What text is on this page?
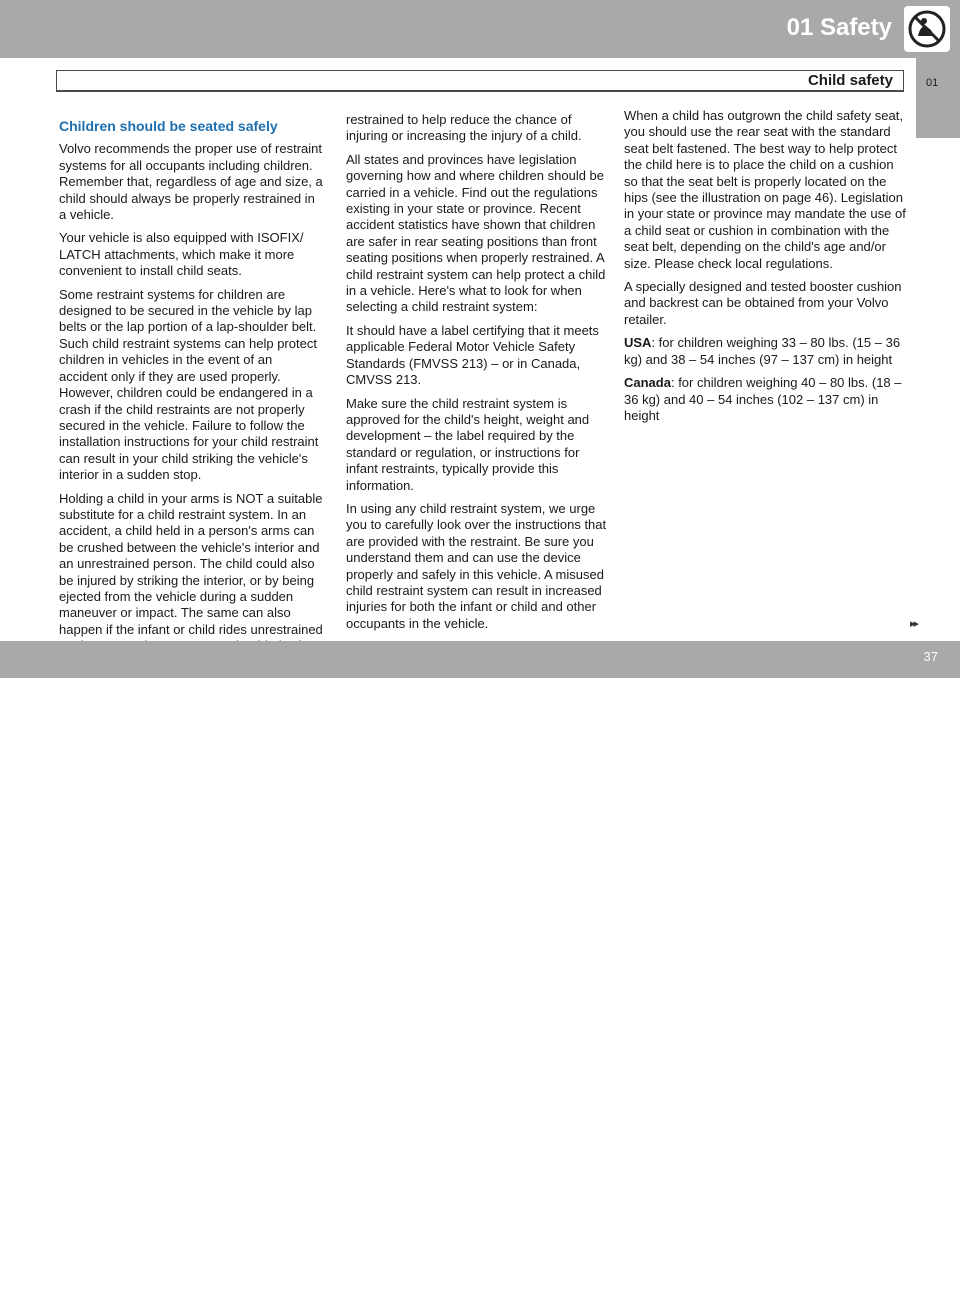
01 Safety
01
Child safety

Children should be seated safely

Volvo recommends the proper use of restraint systems for all occupants including children. Remember that, regardless of age and size, a child should always be properly restrained in a vehicle.

Your vehicle is also equipped with ISOFIX/ LATCH attachments, which make it more convenient to install child seats.

Some restraint systems for children are designed to be secured in the vehicle by lap belts or the lap portion of a lap-shoulder belt. Such child restraint systems can help protect children in vehicles in the event of an accident only if they are used properly. However, children could be endangered in a crash if the child restraints are not properly secured in the vehicle. Failure to follow the installation instructions for your child restraint can result in your child striking the vehicle's interior in a sudden stop.

Holding a child in your arms is NOT a suitable substitute for a child restraint system. In an accident, a child held in a person's arms can be crushed between the vehicle's interior and an unrestrained person. The child could also be injured by striking the interior, or by being ejected from the vehicle during a sudden maneuver or impact. The same can also happen if the infant or child rides unrestrained

restrained to help reduce the chance of injuring or increasing the injury of a child.

All states and provinces have legislation governing how and where children should be carried in a vehicle. Find out the regulations existing in your state or province. Recent accident statistics have shown that children are safer in rear seating positions than front seating positions when properly restrained. A child restraint system can help protect a child in a vehicle. Here's what to look for when selecting a child restraint system:

It should have a label certifying that it meets applicable Federal Motor Vehicle Safety Standards (FMVSS 213) – or in Canada, CMVSS 213.

Make sure the child restraint system is approved for the child's height, weight and development – the label required by the standard or regulation, or instructions for infant restraints, typically provide this information.

In using any child restraint system, we urge you to carefully look over the instructions that are provided with the restraint. Be sure you understand them and can use the device properly and safely in this vehicle. A misused child restraint system can result in increased injuries for both the infant or child and other occupants in the vehicle.

When a child has outgrown the child safety seat, you should use the rear seat with the standard seat belt fastened. The best way to help protect the child here is to place the child on a cushion so that the seat belt is properly located on the hips (see the illustration on page 46). Legislation in your state or province may mandate the use of a child seat or cushion in combination with the seat belt, depending on the child's age and/or size. Please check local regulations.

A specially designed and tested booster cushion and backrest can be obtained from your Volvo retailer.

USA: for children weighing 33 – 80 lbs. (15 – 36 kg) and 38 – 54 inches (97 – 137 cm) in height

Canada: for children weighing 40 – 80 lbs. (18 – 36 kg) and 40 – 54 inches (102 – 137 cm) in height

▸▸
carmanualsonline.info
37
